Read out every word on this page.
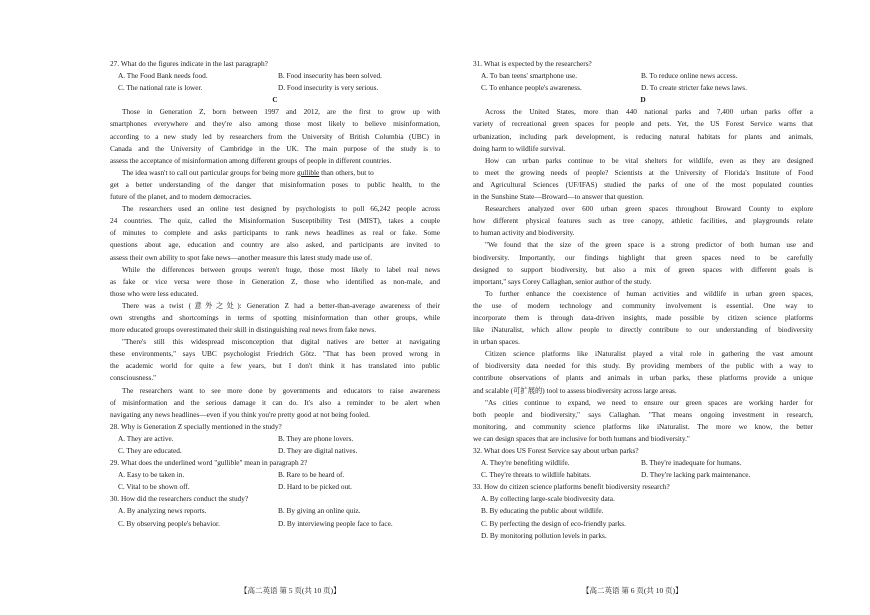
27. What do the figures indicate in the last paragraph?
A. The Food Bank needs food.	B. Food insecurity has been solved.
C. The national rate is lower.	D. Food insecurity is very serious.
C
Those in Generation Z, born between 1997 and 2012, are the first to grow up with
smartphones everywhere and they're also among those most likely to believe misinformation,
according to a new study led by researchers from the University of British Columbia (UBC) in
Canada and the University of Cambridge in the UK. The main purpose of the study is to
assess the acceptance of misinformation among different groups of people in different countries.
The idea wasn't to call out particular groups for being more gullible than others, but to
get a better understanding of the danger that misinformation poses to public health, to the
future of the planet, and to modern democracies.
The researchers used an online test designed by psychologists to poll 66,242 people across
24 countries. The quiz, called the Misinformation Susceptibility Test (MIST), takes a couple
of minutes to complete and asks participants to rank news headlines as real or fake. Some
questions about age, education and country are also asked, and participants are invited to
assess their own ability to spot fake news—another measure this latest study made use of.
While the differences between groups weren't huge, those most likely to label real news
as fake or vice versa were those in Generation Z, those who identified as non-male, and
those who were less educated.
There was a twist (意外之处): Generation Z had a better-than-average awareness of their
own strengths and shortcomings in terms of spotting misinformation than other groups, while
more educated groups overestimated their skill in distinguishing real news from fake news.
"There's still this widespread misconception that digital natives are better at navigating
these environments," says UBC psychologist Friedrich Götz. "That has been proved wrong in
the academic world for quite a few years, but I don't think it has translated into public
consciousness."
The researchers want to see more done by governments and educators to raise awareness
of misinformation and the serious damage it can do. It's also a reminder to be alert when
navigating any news headlines—even if you think you're pretty good at not being fooled.
28. Why is Generation Z specially mentioned in the study?
A. They are active.	B. They are phone lovers.
C. They are educated.	D. They are digital natives.
29. What does the underlined word "gullible" mean in paragraph 2?
A. Easy to be taken in.	B. Rare to be heard of.
C. Vital to be shown off.	D. Hard to be picked out.
30. How did the researchers conduct the study?
A. By analyzing news reports.	B. By giving an online quiz.
C. By observing people's behavior.	D. By interviewing people face to face.
31. What is expected by the researchers?
A. To ban teens' smartphone use.	B. To reduce online news access.
C. To enhance people's awareness.	D. To create stricter fake news laws.
D
Across the United States, more than 440 national parks and 7,400 urban parks offer a
variety of recreational green spaces for people and pets. Yet, the US Forest Service warns that
urbanization, including park development, is reducing natural habitats for plants and animals,
doing harm to wildlife survival.
How can urban parks continue to be vital shelters for wildlife, even as they are designed
to meet the growing needs of people? Scientists at the University of Florida's Institute of Food
and Agricultural Sciences (UF/IFAS) studied the parks of one of the most populated counties
in the Sunshine State—Broward—to answer that question.
Researchers analyzed over 600 urban green spaces throughout Broward County to explore
how different physical features such as tree canopy, athletic facilities, and playgrounds relate
to human activity and biodiversity.
"We found that the size of the green space is a strong predictor of both human use and
biodiversity. Importantly, our findings highlight that green spaces need to be carefully
designed to support biodiversity, but also a mix of green spaces with different goals is
important," says Corey Callaghan, senior author of the study.
To further enhance the coexistence of human activities and wildlife in urban green spaces,
the use of modern technology and community involvement is essential. One way to
incorporate them is through data-driven insights, made possible by citizen science platforms
like iNaturalist, which allow people to directly contribute to our understanding of biodiversity
in urban spaces.
Citizen science platforms like iNaturalist played a vital role in gathering the vast amount
of biodiversity data needed for this study. By providing members of the public with a way to
contribute observations of plants and animals in urban parks, these platforms provide a unique
and scalable (可扩展的) tool to assess biodiversity across large areas.
"As cities continue to expand, we need to ensure our green spaces are working harder for
both people and biodiversity," says Callaghan. "That means ongoing investment in research,
monitoring, and community science platforms like iNaturalist. The more we know, the better
we can design spaces that are inclusive for both humans and biodiversity."
32. What does US Forest Service say about urban parks?
A. They're benefiting wildlife.	B. They're inadequate for humans.
C. They're threats to wildlife habitats.	D. They're lacking park maintenance.
33. How do citizen science platforms benefit biodiversity research?
A. By collecting large-scale biodiversity data.
B. By educating the public about wildlife.
C. By perfecting the design of eco-friendly parks.
D. By monitoring pollution levels in parks.
【高二英语 第 5 页(共 10 页)】	【高二英语 第 6 页(共 10 页)】
